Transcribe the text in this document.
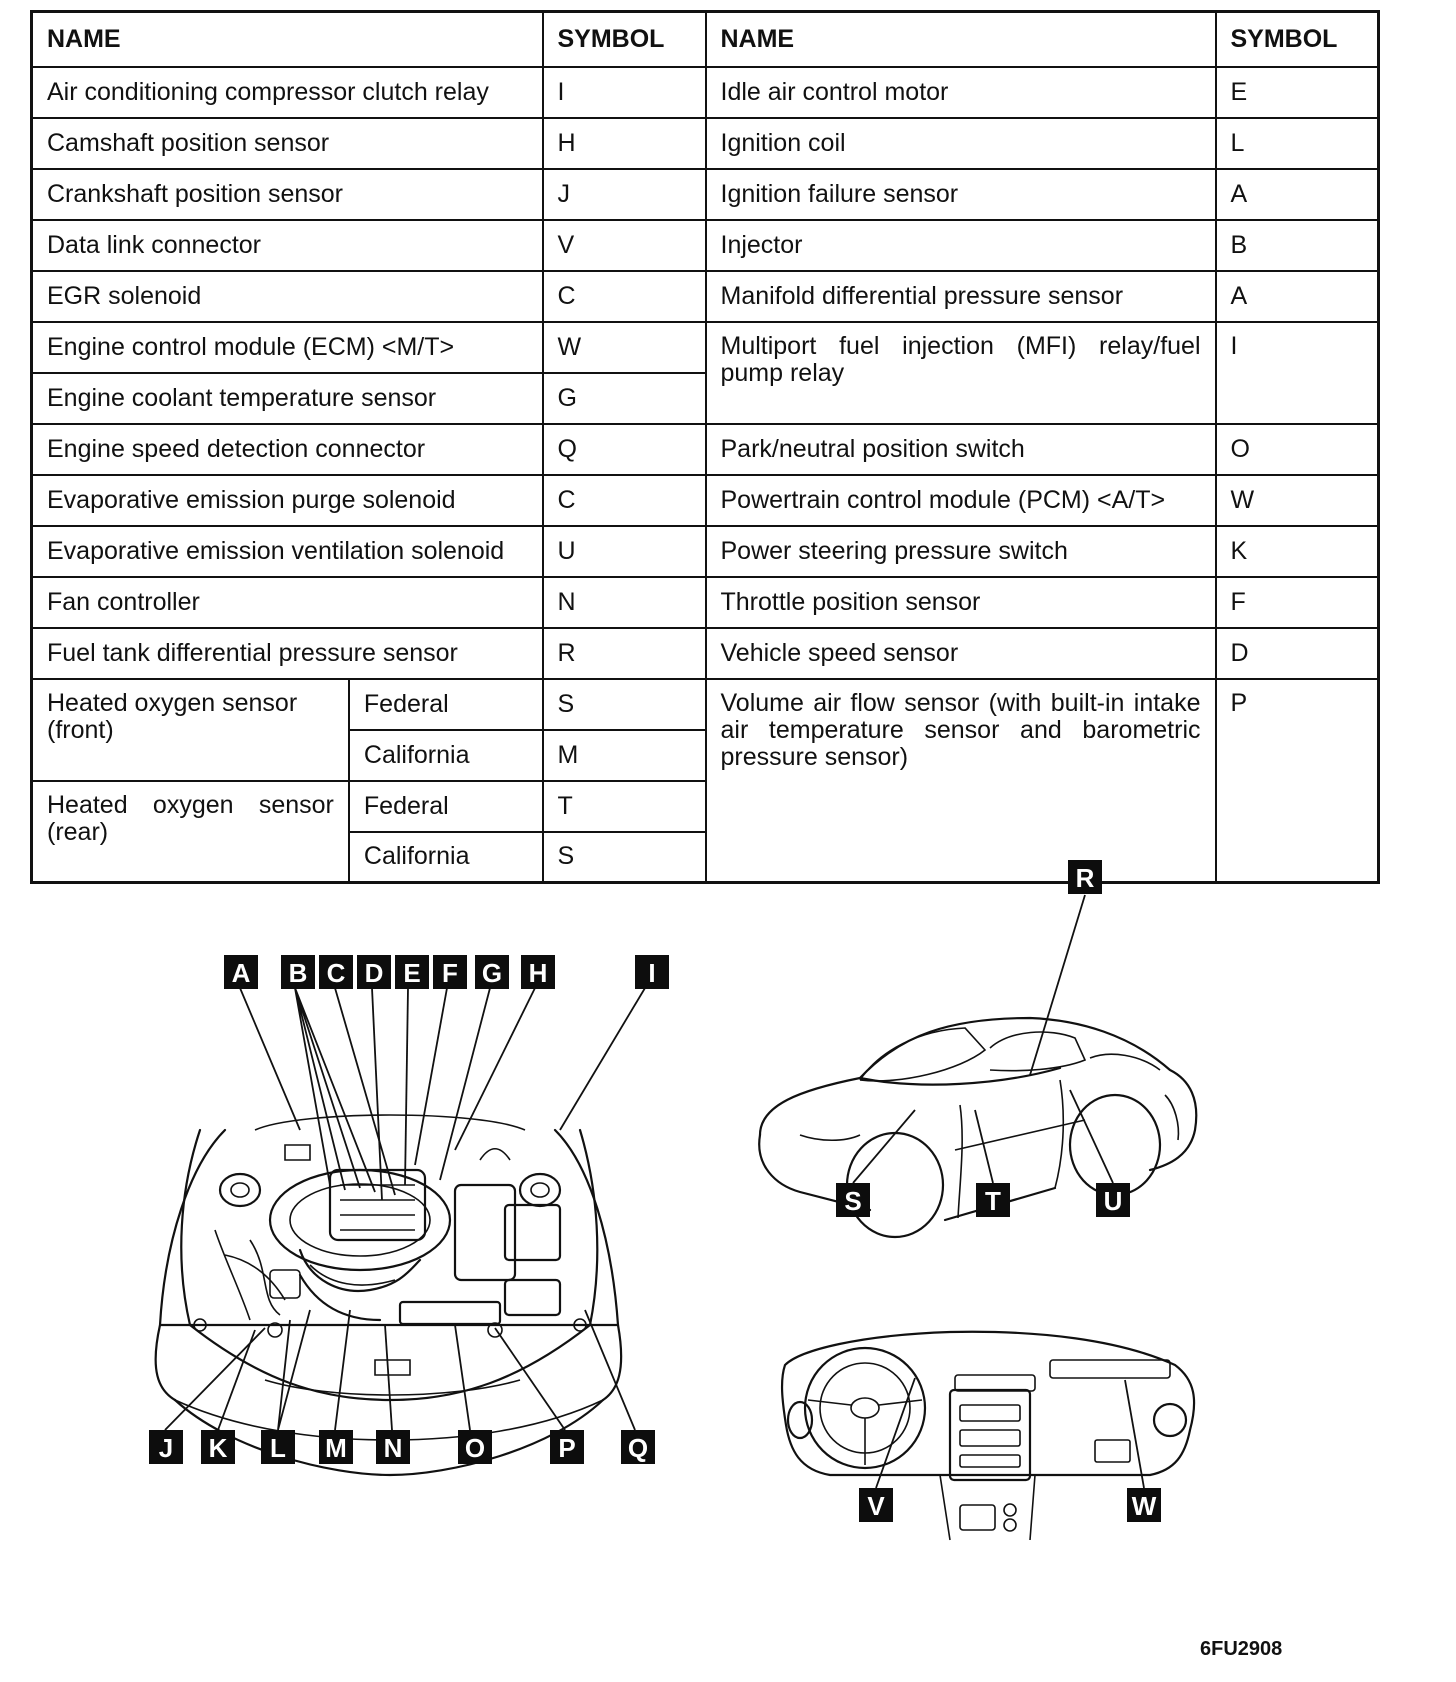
NAME		SYMBOL	NAME	SYMBOL
Air conditioning compressor clutch relay		I	Idle air control motor	E
Camshaft position sensor		H	Ignition coil	L
Crankshaft position sensor		J	Ignition failure sensor	A
Data link connector		V	Injector	B
EGR solenoid		C	Manifold differential pressure sensor	A
Engine control module (ECM) <M/T>		W	Multiport fuel injection (MFI) relay/fuel pump relay	I
Engine coolant temperature sensor		G		
Engine speed detection connector		Q	Park/neutral position switch	O
Evaporative emission purge solenoid		C	Powertrain control module (PCM) <A/T>	W
Evaporative emission ventilation solenoid		U	Power steering pressure switch	K
Fan controller		N	Throttle position sensor	F
Fuel tank differential pressure sensor		R	Vehicle speed sensor	D
Heated oxygen sensor (front)	Federal	S	Volume air flow sensor (with built-in intake air temperature sensor and barometric pressure sensor)	P
	California	M		
Heated oxygen sensor (rear)	Federal	T		
	California	S		
A B C D E F G H	I
J K L M N O	P Q
R
S	T	U
V	W
6FU2908
